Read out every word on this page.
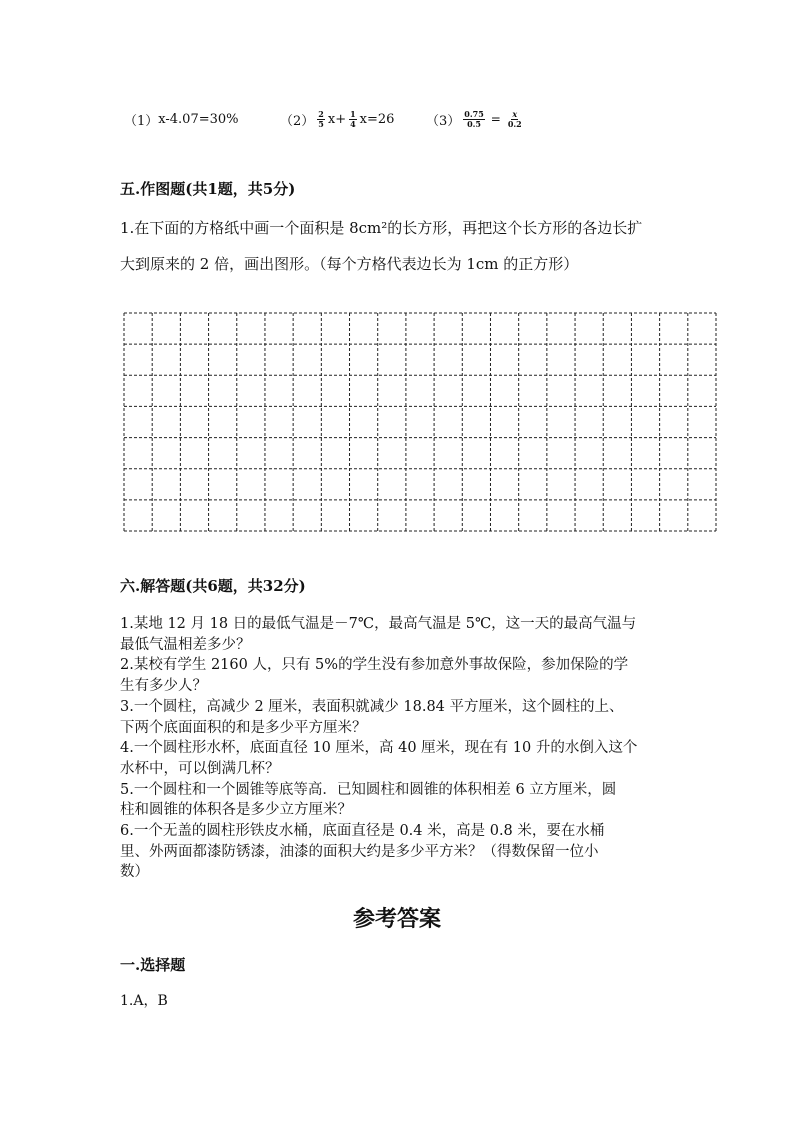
（1） x-4.07=30%	$(2) \frac{2}{5} x+ \frac{1}{4} x=26$ $(3) \frac{0.75}{0.5} = \frac{x}{0.2}$
五.作图题(共1题，共5分)
1.在下面的方格纸中画一个面积是 8cm²的长方形，再把这个长方形的各边长扩
大到原来的 2 倍，画出图形。（每个方格代表边长为 1cm 的正方形）
六.解答题(共6题，共32分)
1.某地 12 月 18 日的最低气温是－7℃，最高气温是 5℃，这一天的最高气温与
最低气温相差多少？
2.某校有学生 2160 人，只有 5%的学生没有参加意外事故保险，参加保险的学
生有多少人？
3.一个圆柱，高减少 2 厘米，表面积就减少 18.84 平方厘米，这个圆柱的上、
下两个底面面积的和是多少平方厘米？
4.一个圆柱形水杯，底面直径 10 厘米，高 40 厘米，现在有 10 升的水倒入这个
水杯中，可以倒满几杯？
5.一个圆柱和一个圆锥等底等高．已知圆柱和圆锥的体积相差 6 立方厘米，圆
柱和圆锥的体积各是多少立方厘米？
6.一个无盖的圆柱形铁皮水桶，底面直径是 0.4 米，高是 0.8 米，要在水桶
里、外两面都漆防锈漆，油漆的面积大约是多少平方米？（得数保留一位小
数）
参考答案
一.选择题
1.A，B
